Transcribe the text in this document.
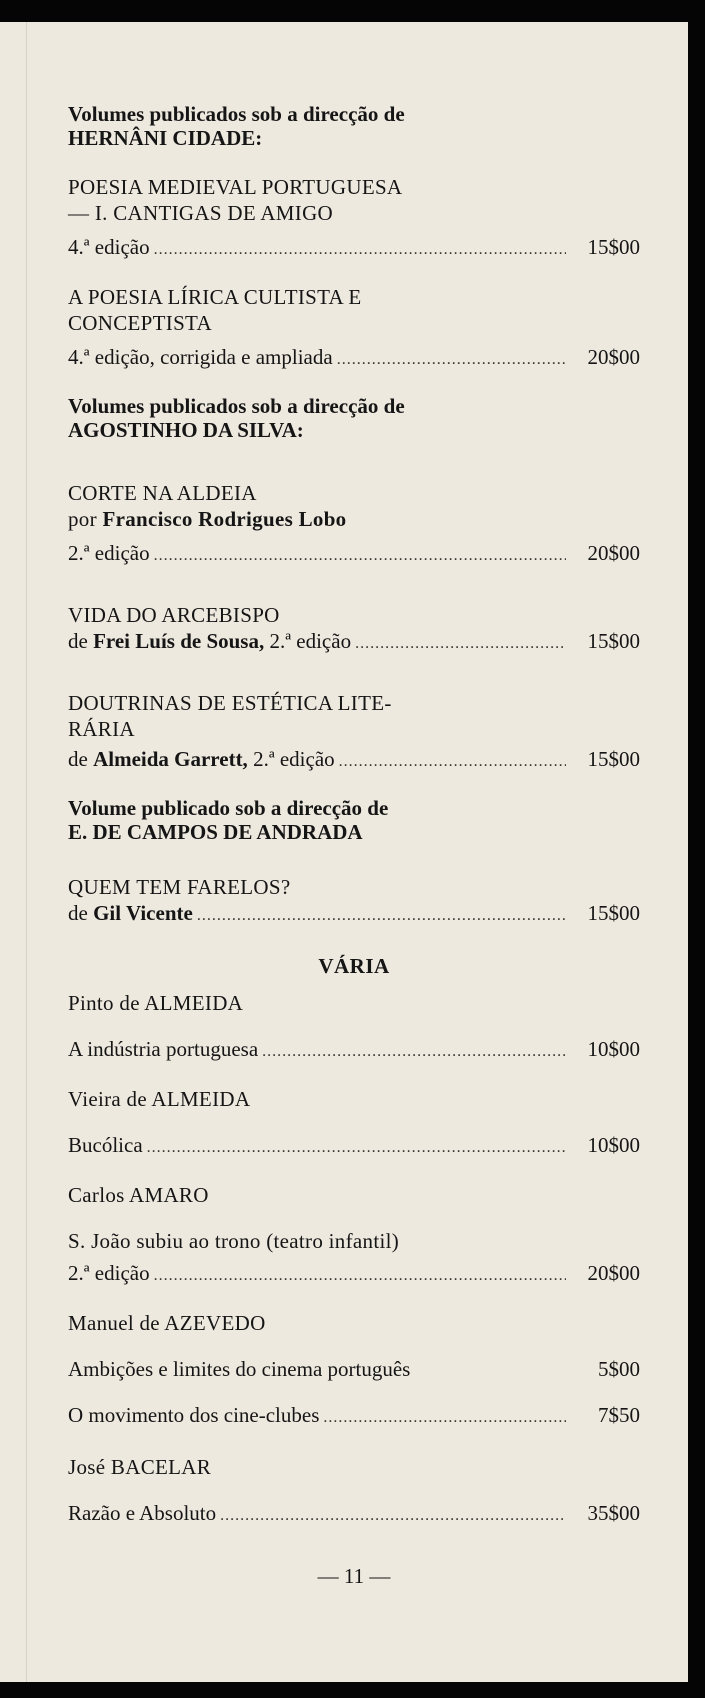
Volumes publicados sob a direcção de
HERNÂNI CIDADE:
POESIA MEDIEVAL PORTUGUESA
— I. CANTIGAS DE AMIGO
4.ª edição .....	15$00
A POESIA LÍRICA CULTISTA E
CONCEPTISTA
4.ª edição, corrigida e ampliada .....	20$00
Volumes publicados sob a direcção de
AGOSTINHO DA SILVA:
CORTE NA ALDEIA
por Francisco Rodrigues Lobo
2.ª edição .....	20$00
VIDA DO ARCEBISPO
de Frei Luís de Sousa, 2.ª edição .....	15$00
DOUTRINAS DE ESTÉTICA LITE-
RÁRIA
de Almeida Garrett, 2.ª edição .....	15$00
Volume publicado sob a direcção de
E. DE CAMPOS DE ANDRADA
QUEM TEM FARELOS?
de Gil Vicente .....	15$00
VÁRIA
Pinto de ALMEIDA
A indústria portuguesa .....	10$00
Vieira de ALMEIDA
Bucólica .....	10$00
Carlos AMARO
S. João subiu ao trono (teatro infantil)
2.ª edição .....	20$00
Manuel de AZEVEDO
Ambições e limites do cinema português	5$00
O movimento dos cine-clubes .....	7$50
José BACELAR
Razão e Absoluto .....	35$00
— 11 —
